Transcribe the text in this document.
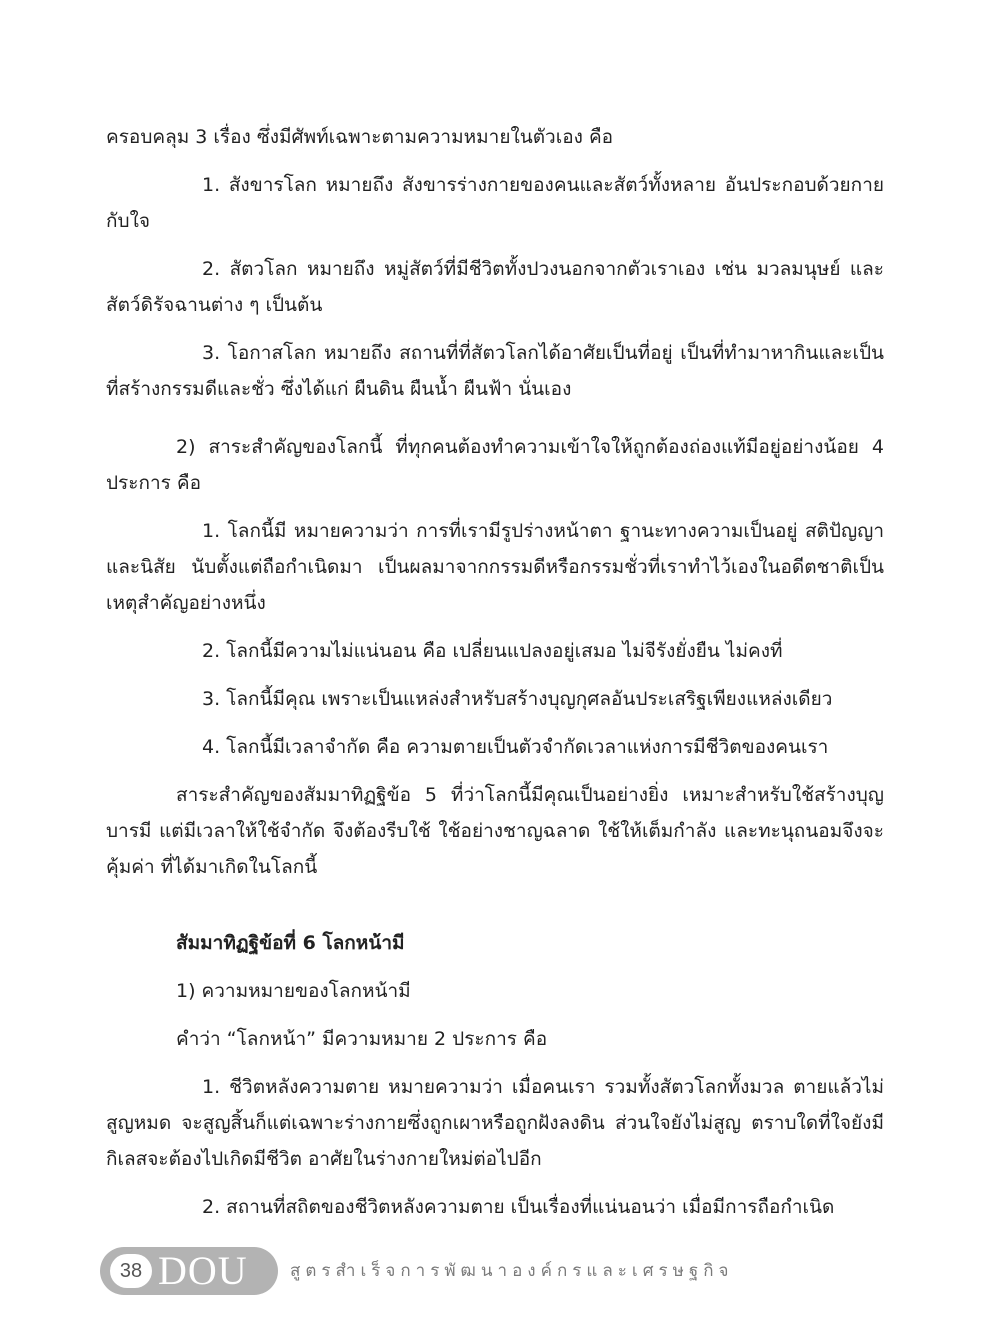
ครอบคลุม 3 เรื่อง ซึ่งมีศัพท์เฉพาะตามความหมายในตัวเอง คือ

1. สังขารโลก หมายถึง สังขารร่างกายของคนและสัตว์ทั้งหลาย อันประกอบด้วยกายกับใจ

2. สัตวโลก หมายถึง หมู่สัตว์ที่มีชีวิตทั้งปวงนอกจากตัวเราเอง เช่น มวลมนุษย์ และสัตว์ดิรัจฉานต่าง ๆ เป็นต้น

3. โอกาสโลก หมายถึง สถานที่ที่สัตวโลกได้อาศัยเป็นที่อยู่ เป็นที่ทำมาหากินและเป็นที่สร้างกรรมดีและชั่ว ซึ่งได้แก่ ผืนดิน ผืนน้ำ ผืนฟ้า นั่นเอง

2) สาระสำคัญของโลกนี้ ที่ทุกคนต้องทำความเข้าใจให้ถูกต้องถ่องแท้มีอยู่อย่างน้อย 4 ประการ คือ

1. โลกนี้มี หมายความว่า การที่เรามีรูปร่างหน้าตา ฐานะทางความเป็นอยู่ สติปัญญาและนิสัย นับตั้งแต่ถือกำเนิดมา เป็นผลมาจากกรรมดีหรือกรรมชั่วที่เราทำไว้เองในอดีตชาติเป็นเหตุสำคัญอย่างหนึ่ง

2. โลกนี้มีความไม่แน่นอน คือ เปลี่ยนแปลงอยู่เสมอ ไม่จีรังยั่งยืน ไม่คงที่

3. โลกนี้มีคุณ เพราะเป็นแหล่งสำหรับสร้างบุญกุศลอันประเสริฐเพียงแหล่งเดียว

4. โลกนี้มีเวลาจำกัด คือ ความตายเป็นตัวจำกัดเวลาแห่งการมีชีวิตของคนเรา

สาระสำคัญของสัมมาทิฏฐิข้อ 5 ที่ว่าโลกนี้มีคุณเป็นอย่างยิ่ง เหมาะสำหรับใช้สร้างบุญบารมี แต่มีเวลาให้ใช้จำกัด จึงต้องรีบใช้ ใช้อย่างชาญฉลาด ใช้ให้เต็มกำลัง และทะนุถนอมจึงจะคุ้มค่า ที่ได้มาเกิดในโลกนี้

สัมมาทิฏฐิข้อที่ 6 โลกหน้ามี

1) ความหมายของโลกหน้ามี

คำว่า “โลกหน้า” มีความหมาย 2 ประการ คือ

1. ชีวิตหลังความตาย หมายความว่า เมื่อคนเรา รวมทั้งสัตวโลกทั้งมวล ตายแล้วไม่สูญหมด จะสูญสิ้นก็แต่เฉพาะร่างกายซึ่งถูกเผาหรือถูกฝังลงดิน ส่วนใจยังไม่สูญ ตราบใดที่ใจยังมีกิเลสจะต้องไปเกิดมีชีวิต อาศัยในร่างกายใหม่ต่อไปอีก

2. สถานที่สถิตของชีวิตหลังความตาย เป็นเรื่องที่แน่นอนว่า เมื่อมีการถือกำเนิด

38 DOU สูตรสำเร็จการพัฒนาองค์กรและเศรษฐกิจ
